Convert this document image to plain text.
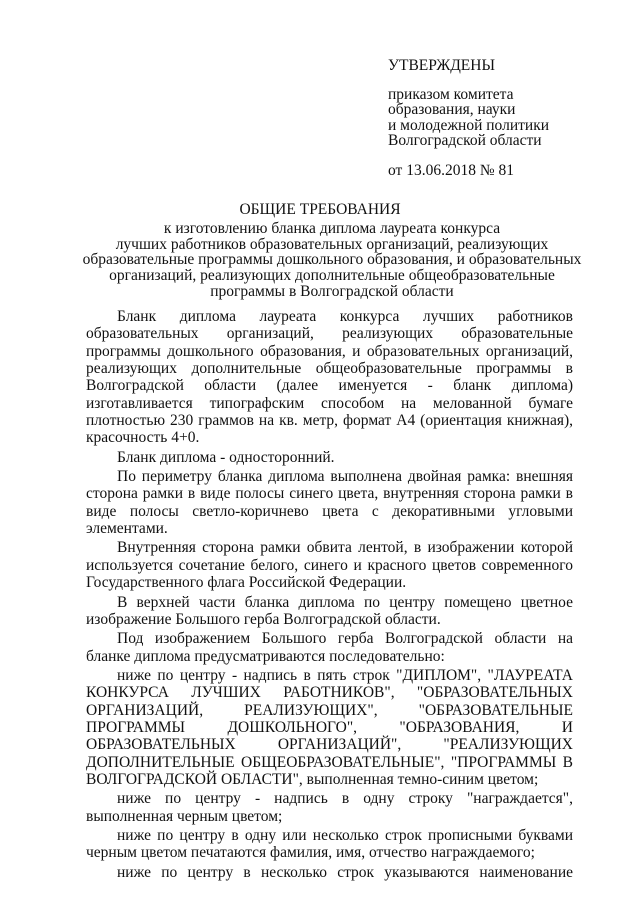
УТВЕРЖДЕНЫ
приказом комитета
образования, науки
и молодежной политики
Волгоградской области
от 13.06.2018 № 81
ОБЩИЕ ТРЕБОВАНИЯ
к изготовлению бланка диплома лауреата конкурса
лучших работников образовательных организаций, реализующих
образовательные программы дошкольного образования, и образовательных
организаций, реализующих дополнительные общеобразовательные
программы в Волгоградской области

Бланк диплома лауреата конкурса лучших работников образовательных организаций, реализующих образовательные программы дошкольного образования, и образовательных организаций, реализующих дополнительные общеобразовательные программы в Волгоградской области (далее именуется - бланк диплома) изготавливается типографским способом на мелованной бумаге плотностью 230 граммов на кв. метр, формат А4 (ориентация книжная), красочность 4+0.

Бланк диплома - односторонний.

По периметру бланка диплома выполнена двойная рамка: внешняя сторона рамки в виде полосы синего цвета, внутренняя сторона рамки в виде полосы светло-коричнево цвета с декоративными угловыми элементами.

Внутренняя сторона рамки обвита лентой, в изображении которой используется сочетание белого, синего и красного цветов современного Государственного флага Российской Федерации.

В верхней части бланка диплома по центру помещено цветное изображение Большого герба Волгоградской области.

Под изображением Большого герба Волгоградской области на бланке диплома предусматриваются последовательно:

ниже по центру - надпись в пять строк "ДИПЛОМ", "ЛАУРЕАТА КОНКУРСА ЛУЧШИХ РАБОТНИКОВ", "ОБРАЗОВАТЕЛЬНЫХ ОРГАНИЗАЦИЙ, РЕАЛИЗУЮЩИХ", "ОБРАЗОВАТЕЛЬНЫЕ ПРОГРАММЫ ДОШКОЛЬНОГО", "ОБРАЗОВАНИЯ, И ОБРАЗОВАТЕЛЬНЫХ ОРГАНИЗАЦИЙ", "РЕАЛИЗУЮЩИХ ДОПОЛНИТЕЛЬНЫЕ ОБЩЕОБРАЗОВАТЕЛЬНЫЕ", "ПРОГРАММЫ В ВОЛГОГРАДСКОЙ ОБЛАСТИ", выполненная темно-синим цветом;

ниже по центру - надпись в одну строку "награждается", выполненная черным цветом;

ниже по центру в одну или несколько строк прописными буквами черным цветом печатаются фамилия, имя, отчество награждаемого;

ниже по центру в несколько строк указываются наименование
